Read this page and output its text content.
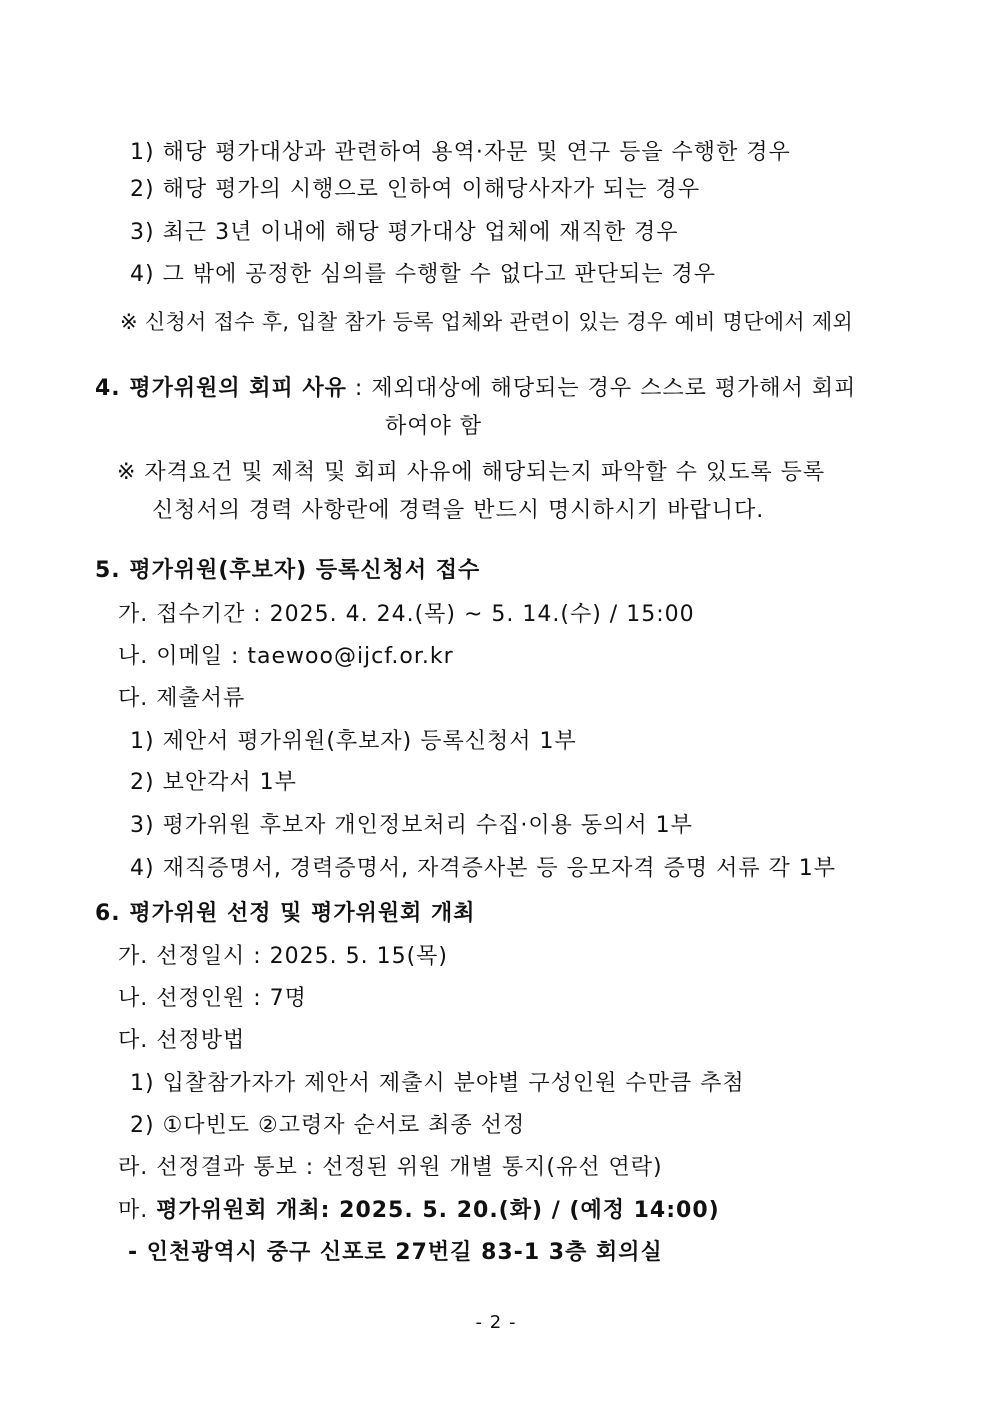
1) 해당 평가대상과 관련하여 용역·자문 및 연구 등을 수행한 경우
2) 해당 평가의 시행으로 인하여 이해당사자가 되는 경우
3) 최근 3년 이내에 해당 평가대상 업체에 재직한 경우
4) 그 밖에 공정한 심의를 수행할 수 없다고 판단되는 경우
※ 신청서 접수 후, 입찰 참가 등록 업체와 관련이 있는 경우 예비 명단에서 제외
4. 평가위원의 회피 사유 : 제외대상에 해당되는 경우 스스로 평가해서 회피
하여야 함
※ 자격요건 및 제척 및 회피 사유에 해당되는지 파악할 수 있도록 등록
신청서의 경력 사항란에 경력을 반드시 명시하시기 바랍니다.
5. 평가위원(후보자) 등록신청서 접수
가. 접수기간 : 2025. 4. 24.(목) ~ 5. 14.(수) / 15:00
나. 이메일 : taewoo@ijcf.or.kr
다. 제출서류
1) 제안서 평가위원(후보자) 등록신청서 1부
2) 보안각서 1부
3) 평가위원 후보자 개인정보처리 수집·이용 동의서 1부
4) 재직증명서, 경력증명서, 자격증사본 등 응모자격 증명 서류 각 1부
6. 평가위원 선정 및 평가위원회 개최
가. 선정일시 : 2025. 5. 15(목)
나. 선정인원 : 7명
다. 선정방법
1) 입찰참가자가 제안서 제출시 분야별 구성인원 수만큼 추첨
2) ①다빈도 ②고령자 순서로 최종 선정
라. 선정결과 통보 : 선정된 위원 개별 통지(유선 연락)
마. 평가위원회 개최: 2025. 5. 20.(화) / (예정 14:00)
- 인천광역시 중구 신포로 27번길 83-1 3층 회의실
- 2 -
